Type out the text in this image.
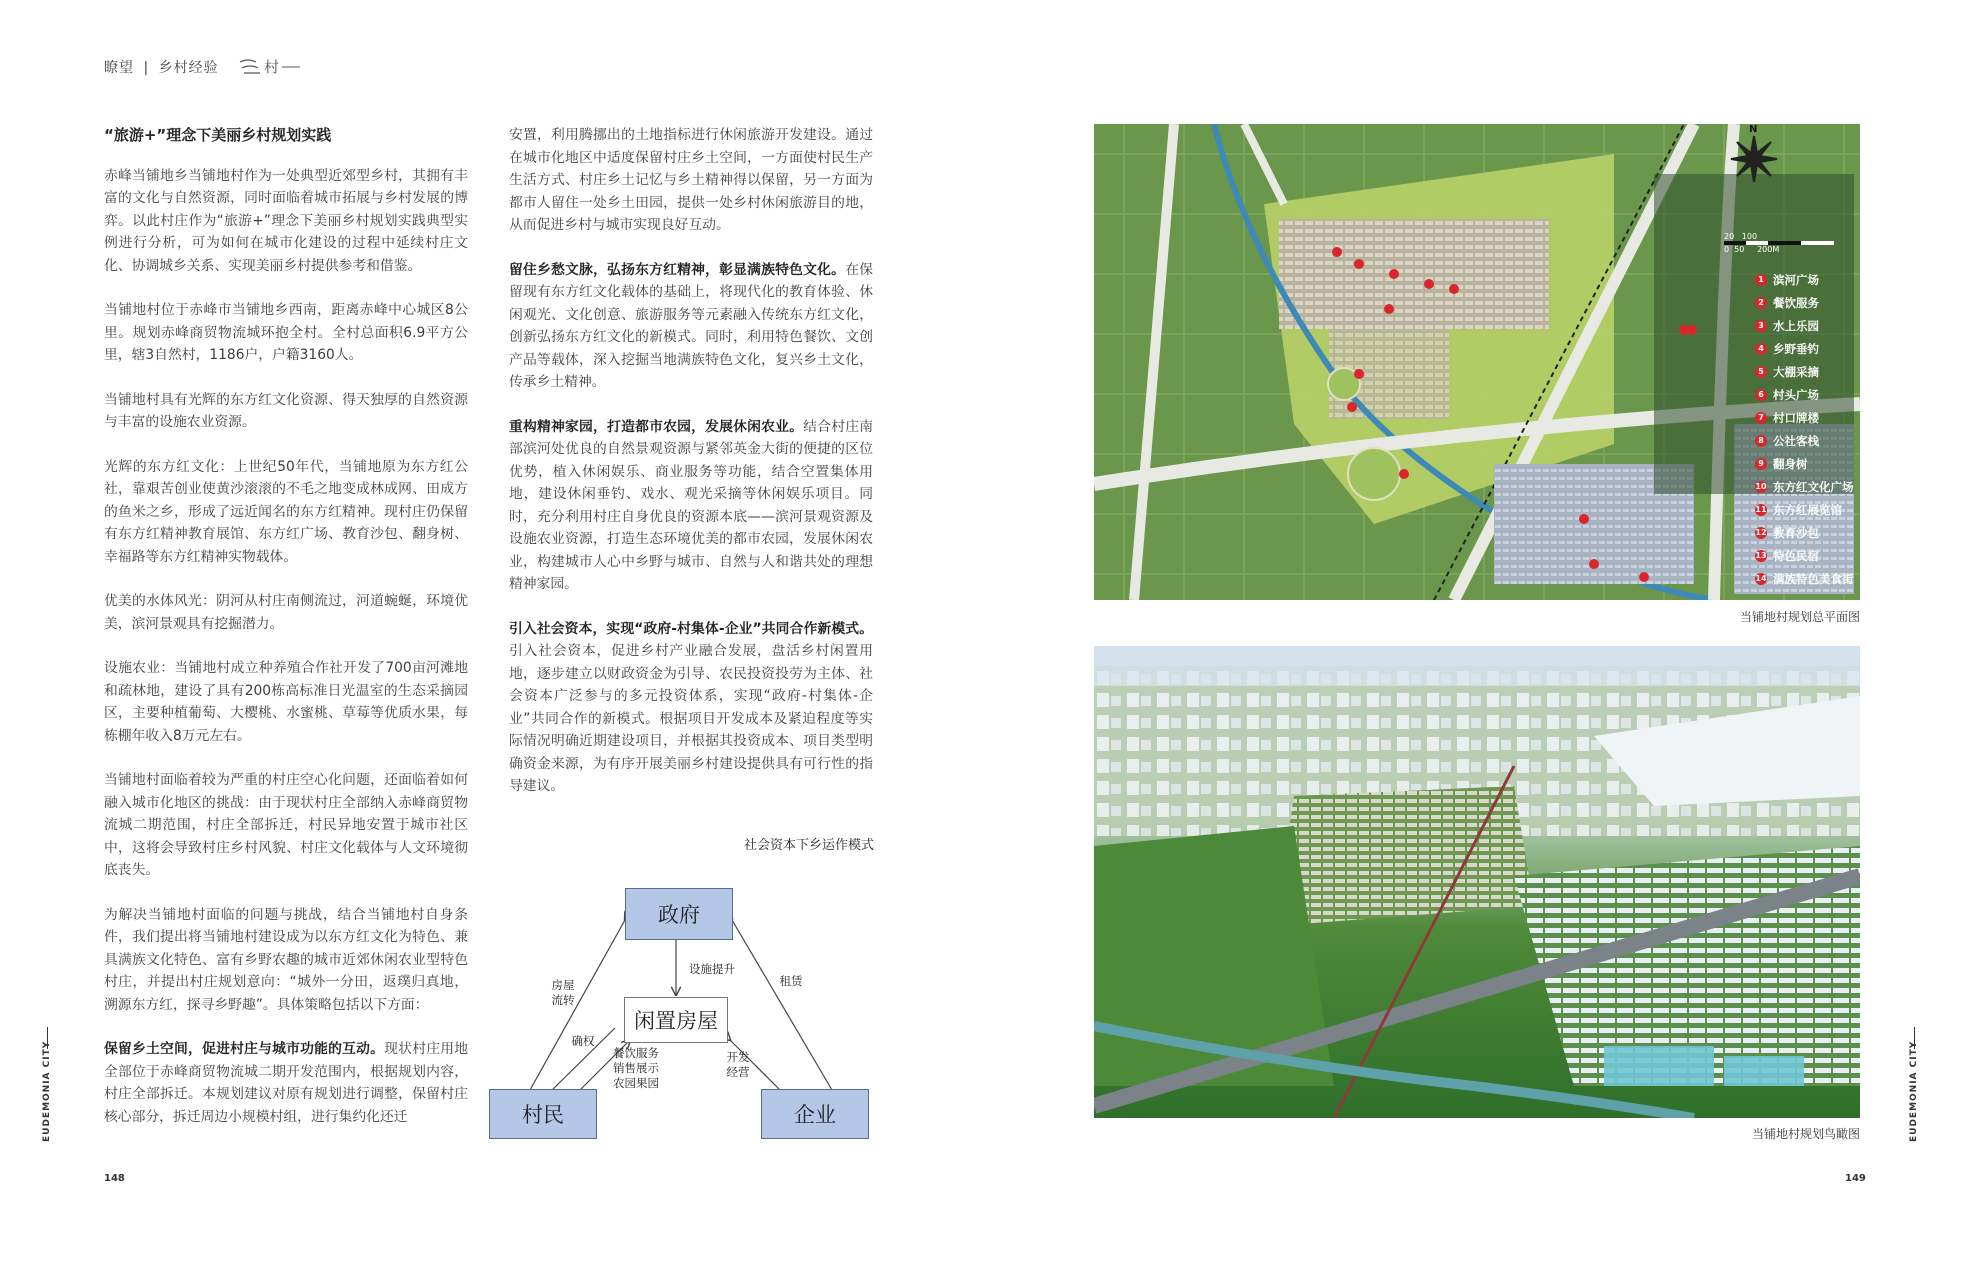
瞭望 | 乡村经验	村
“旅游+”理念下美丽乡村规划实践

赤峰当铺地乡当铺地村作为一处典型近郊型乡村，其拥有丰富的文化与自然资源，同时面临着城市拓展与乡村发展的博弈。以此村庄作为“旅游+”理念下美丽乡村规划实践典型实例进行分析，可为如何在城市化建设的过程中延续村庄文化、协调城乡关系、实现美丽乡村提供参考和借鉴。

当铺地村位于赤峰市当铺地乡西南，距离赤峰中心城区8公里。规划赤峰商贸物流城环抱全村。全村总面积6.9平方公里，辖3自然村，1186户，户籍3160人。

当铺地村具有光辉的东方红文化资源、得天独厚的自然资源与丰富的设施农业资源。

光辉的东方红文化：上世纪50年代，当铺地原为东方红公社，靠艰苦创业使黄沙滚滚的不毛之地变成林成网、田成方的鱼米之乡，形成了远近闻名的东方红精神。现村庄仍保留有东方红精神教育展馆、东方红广场、教育沙包、翻身树、幸福路等东方红精神实物载体。

优美的水体风光：阴河从村庄南侧流过，河道蜿蜒，环境优美，滨河景观具有挖掘潜力。

设施农业：当铺地村成立种养殖合作社开发了700亩河滩地和疏林地，建设了具有200栋高标准日光温室的生态采摘园区，主要种植葡萄、大樱桃、水蜜桃、草莓等优质水果，每栋棚年收入8万元左右。

当铺地村面临着较为严重的村庄空心化问题，还面临着如何融入城市化地区的挑战：由于现状村庄全部纳入赤峰商贸物流城二期范围，村庄全部拆迁，村民异地安置于城市社区中，这将会导致村庄乡村风貌、村庄文化载体与人文环境彻底丧失。

为解决当铺地村面临的问题与挑战，结合当铺地村自身条件，我们提出将当铺地村建设成为以东方红文化为特色、兼具满族文化特色、富有乡野农趣的城市近郊休闲农业型特色村庄，并提出村庄规划意向：“城外一分田，返璞归真地，溯源东方红，探寻乡野趣”。具体策略包括以下方面：

保留乡土空间，促进村庄与城市功能的互动。现状村庄用地全部位于赤峰商贸物流城二期开发范围内，根据规划内容，村庄全部拆迁。本规划建议对原有规划进行调整，保留村庄核心部分，拆迁周边小规模村组，进行集约化还迁

安置，利用腾挪出的土地指标进行休闲旅游开发建设。通过在城市化地区中适度保留村庄乡土空间，一方面使村民生产生活方式、村庄乡土记忆与乡土精神得以保留，另一方面为都市人留住一处乡土田园，提供一处乡村休闲旅游目的地，从而促进乡村与城市实现良好互动。

留住乡愁文脉，弘扬东方红精神，彰显满族特色文化。在保留现有东方红文化载体的基础上，将现代化的教育体验、休闲观光、文化创意、旅游服务等元素融入传统东方红文化，创新弘扬东方红文化的新模式。同时，利用特色餐饮、文创产品等载体，深入挖掘当地满族特色文化，复兴乡土文化，传承乡土精神。

重构精神家园，打造都市农园，发展休闲农业。结合村庄南部滨河处优良的自然景观资源与紧邻英金大街的便捷的区位优势，植入休闲娱乐、商业服务等功能，结合空置集体用地，建设休闲垂钓、戏水、观光采摘等休闲娱乐项目。同时，充分利用村庄自身优良的资源本底——滨河景观资源及设施农业资源，打造生态环境优美的都市农园，发展休闲农业，构建城市人心中乡野与城市、自然与人和谐共处的理想精神家园。

引入社会资本，实现“政府-村集体-企业”共同合作新模式。引入社会资本，促进乡村产业融合发展，盘活乡村闲置用地，逐步建立以财政资金为引导、农民投资投劳为主体、社会资本广泛参与的多元投资体系，实现“政府-村集体-企业”共同合作的新模式。根据项目开发成本及紧迫程度等实际情况明确近期建设项目，并根据其投资成本、项目类型明确资金来源，为有序开展美丽乡村建设提供具有可行性的指导建议。

社会资本下乡运作模式
政府
闲置房屋
村民	企业
房屋
流转
设施提升
租赁
确权
餐饮服务
销售展示
农园果园
开发
经营
148	149
EUDEMONIA CITY	EUDEMONIA CITY
N
20   100
0  50     200M
1 滨河广场
2 餐饮服务
3 水上乐园
4 乡野垂钓
5 大棚采摘
6 村头广场
7 村口牌楼
8 公社客栈
9 翻身树
10 东方红文化广场
11 东方红展览馆
12 教育沙包
13 特色民宿
14 满族特色美食街
当铺地村规划总平面图
当铺地村规划鸟瞰图
